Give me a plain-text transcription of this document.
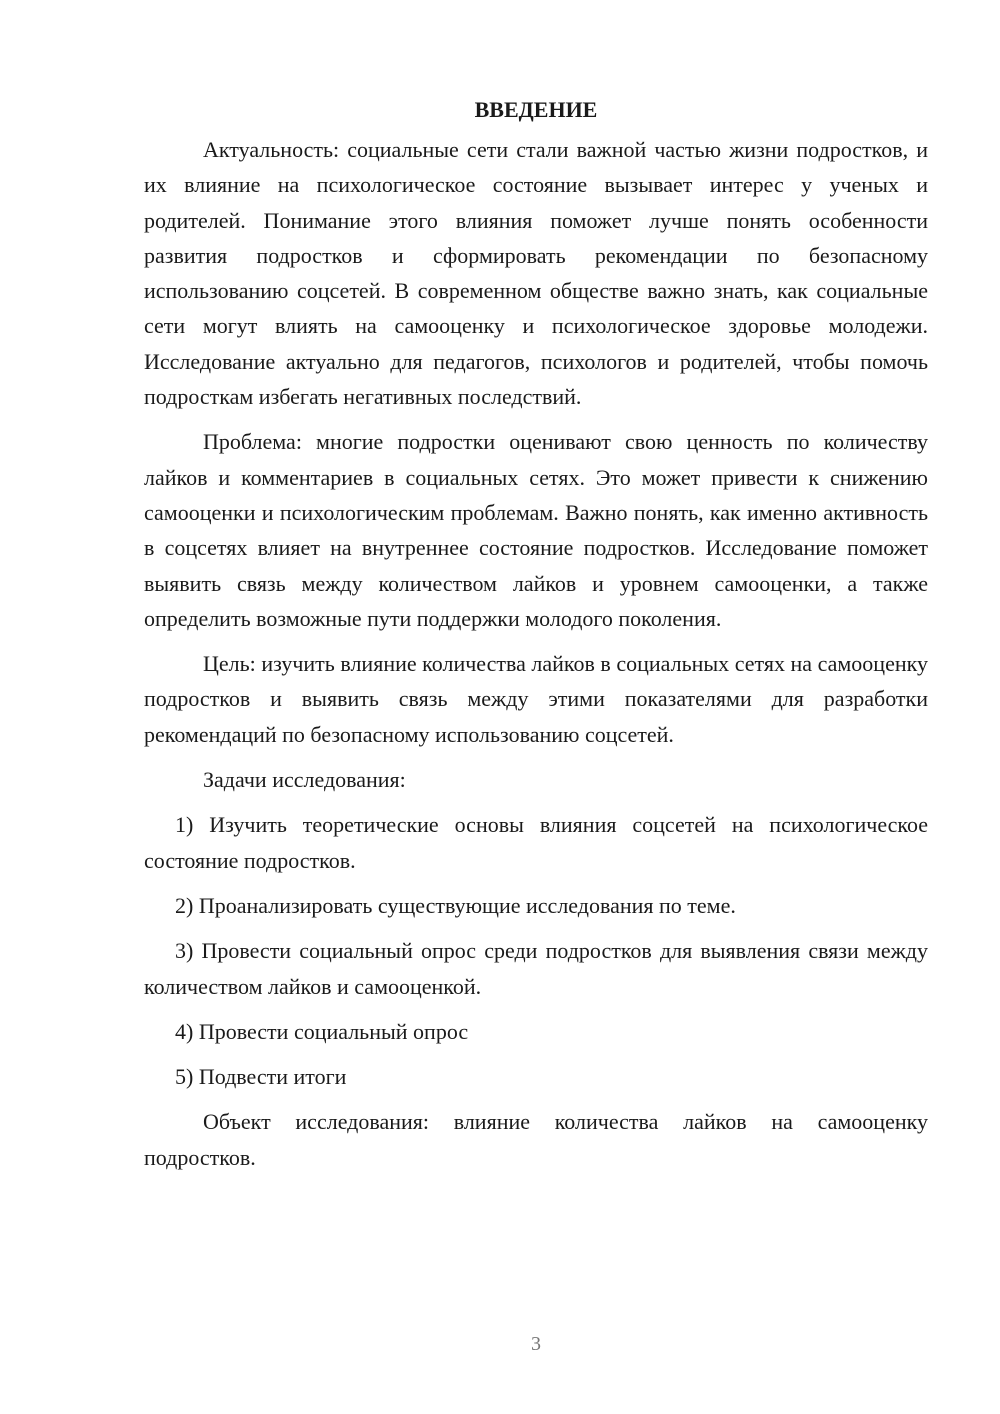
ВВЕДЕНИЕ

Актуальность: социальные сети стали важной частью жизни подростков, и их влияние на психологическое состояние вызывает интерес у ученых и родителей. Понимание этого влияния поможет лучше понять особенности развития подростков и сформировать рекомендации по безопасному использованию соцсетей. В современном обществе важно знать, как социальные сети могут влиять на самооценку и психологическое здоровье молодежи. Исследование актуально для педагогов, психологов и родителей, чтобы помочь подросткам избегать негативных последствий.

Проблема: многие подростки оценивают свою ценность по количеству лайков и комментариев в социальных сетях. Это может привести к снижению самооценки и психологическим проблемам. Важно понять, как именно активность в соцсетях влияет на внутреннее состояние подростков. Исследование поможет выявить связь между количеством лайков и уровнем самооценки, а также определить возможные пути поддержки молодого поколения.

Цель: изучить влияние количества лайков в социальных сетях на самооценку подростков и выявить связь между этими показателями для разработки рекомендаций по безопасному использованию соцсетей.

Задачи исследования:

1) Изучить теоретические основы влияния соцсетей на психологическое состояние подростков.

2) Проанализировать существующие исследования по теме.

3) Провести социальный опрос среди подростков для выявления связи между количеством лайков и самооценкой.

4) Провести социальный опрос

5) Подвести итоги

Объект исследования: влияние количества лайков на самооценку подростков.

3
